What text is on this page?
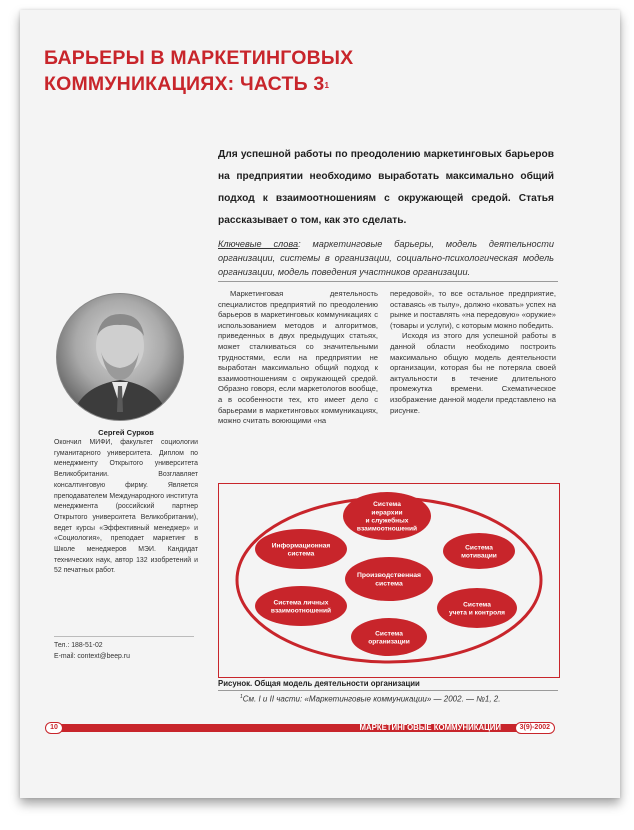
БАРЬЕРЫ В МАРКЕТИНГОВЫХ
КОММУНИКАЦИЯХ: ЧАСТЬ $3^1$
Для успешной работы по преодолению маркетинговых барьеров на предприятии необходимо выработать максимально общий подход к взаимоотношениям с окружающей средой. Статья рассказывает о том, как это сделать.
Ключевые слова: маркетинговые барьеры, модель деятельности организации, системы в организации, социально-психологическая модель организации, модель поведения участников организации.

Маркетинговая деятельность специалистов предприятий по преодолению барьеров в маркетинговых коммуникациях с использованием методов и алгоритмов, приведенных в двух предыдущих статьях, может сталкиваться со значительными трудностями, если на предприятии не выработан максимально общий подход к взаимоотношениям с окружающей средой. Образно говоря, если маркетологов вообще, а в особенности тех, кто имеет дело с барьерами в маркетинговых коммуникациях, можно считать воюющими «на

передовой», то все остальное предприятие, оставаясь «в тылу», должно «ковать» успех на рынке и поставлять «на передовую» «оружие» (товары и услуги), с которым можно победить.

Исходя из этого для успешной работы в данной области необходимо построить максимально общую модель деятельности организации, которая бы не потеряла своей актуальности в течение длительного промежутка времени. Схематическое изображение данной модели представлено на рисунке.

Сергей Сурков
Окончил МИФИ, факультет социологии гуманитарного университета. Диплом по менеджменту Открытого университета Великобритании. Возглавляет консалтинговую фирму. Является преподавателем Международного института менеджмента (российский партнер Открытого университета Великобритании), ведет курсы «Эффективный менеджер» и «Социология», преподает маркетинг в Школе менеджеров МЭИ. Кандидат технических наук, автор 132 изобретений и 52 печатных работ.
Тел.: 188-51-02
E-mail: context@beep.ru
Система
иерархии
и служебных
взаимоотношений
Информационная
система
Система
мотивации
Система личных
взаимоотношений
Система
учета и контроля
Система
организации
Производственная
система
Рисунок. Общая модель деятельности организации
$^1$См. I и II части: «Маркетинговые коммуникации» — 2002. — №1, 2.
10	МАРКЕТИНГОВЫЕ КОММУНИКАЦИИ	3(9)-2002
